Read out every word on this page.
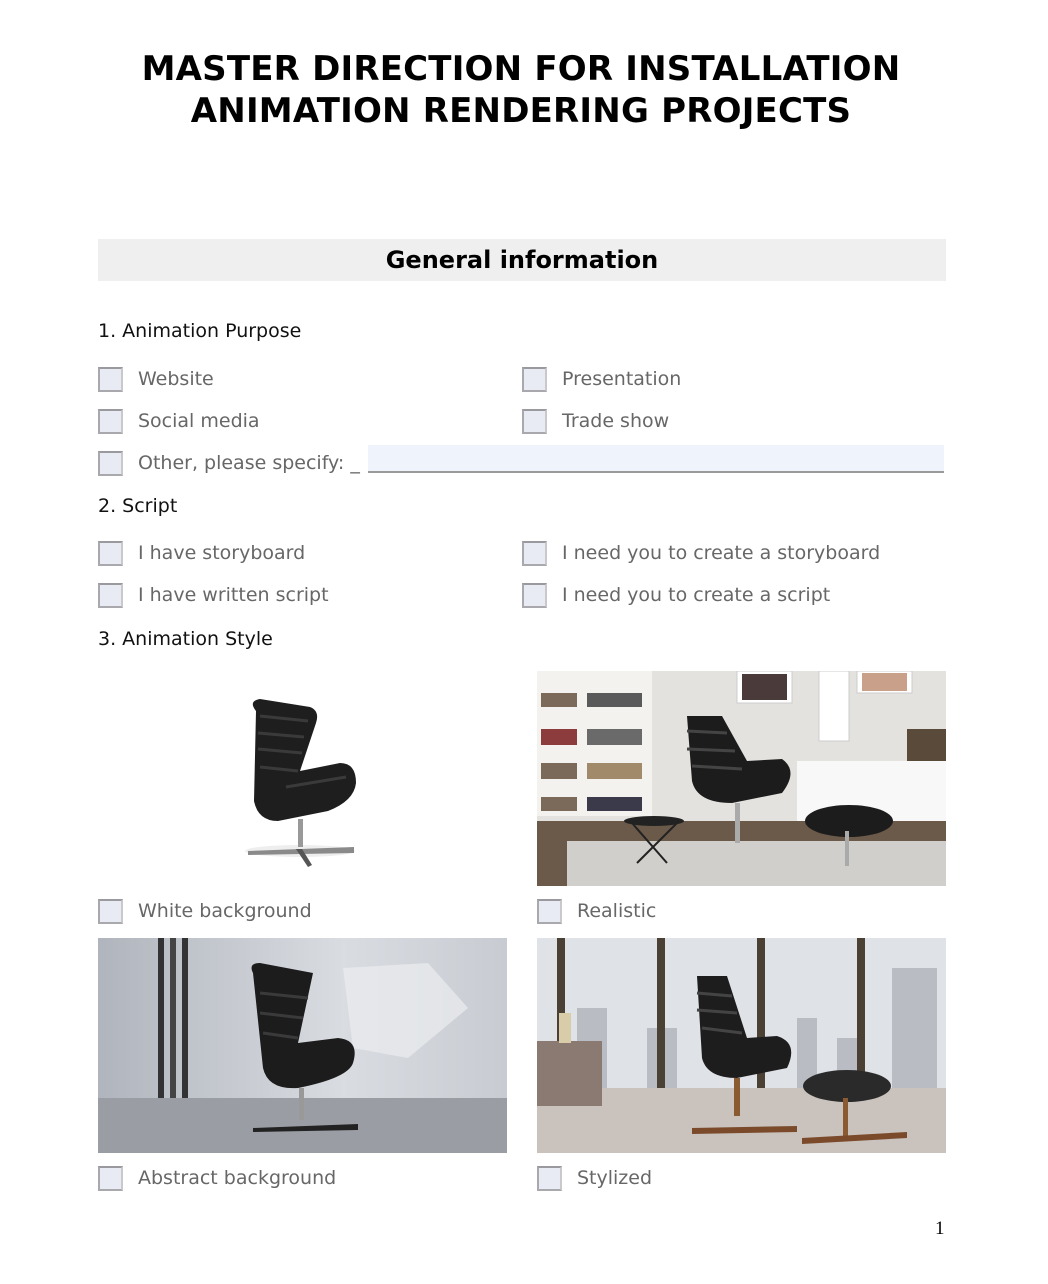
MASTER DIRECTION FOR INSTALLATION
ANIMATION RENDERING PROJECTS
General information
1. Animation Purpose
Website	Presentation
Social media	Trade show
Other, please specify: _
2. Script
I have storyboard	I need you to create a storyboard
I have written script	I need you to create a script
3. Animation Style
White background	Realistic
Abstract background	Stylized
1
